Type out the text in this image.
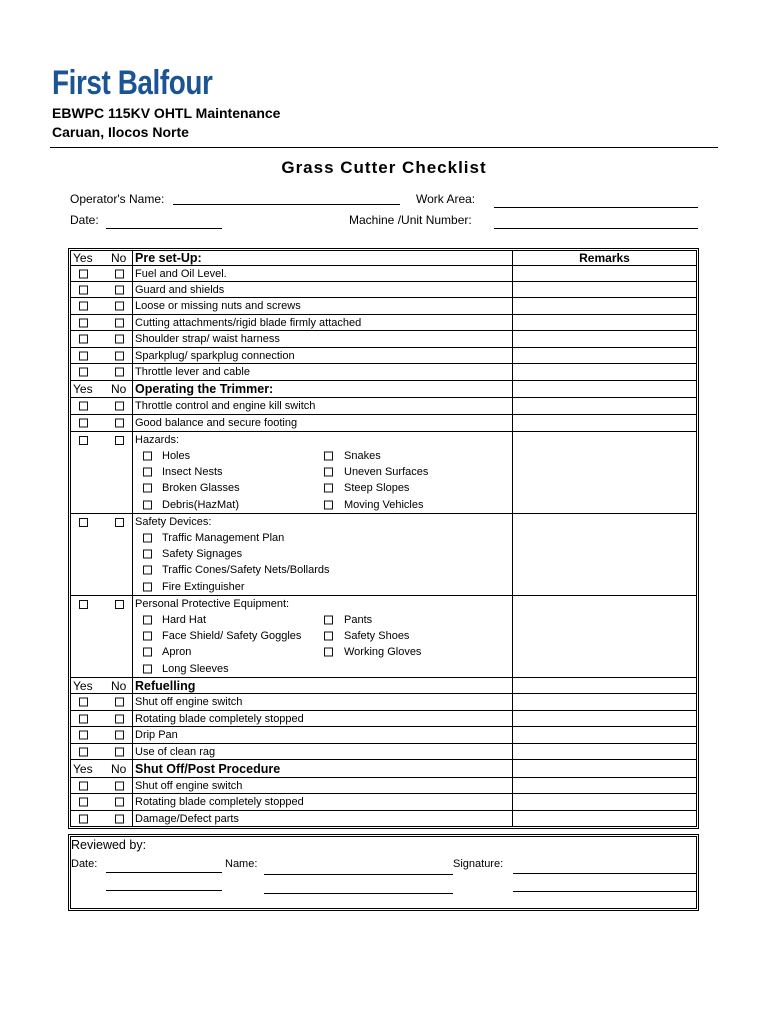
First Balfour
EBWPC 115KV OHTL Maintenance
Caruan, Ilocos Norte
Grass Cutter Checklist
Operator's Name:	Work Area:
Date:	Machine /Unit Number:
Yes No Pre set-Up:	Remarks
Fuel and Oil Level.
Guard and shields
Loose or missing nuts and screws
Cutting attachments/rigid blade firmly attached
Shoulder strap/ waist harness
Sparkplug/ sparkplug connection
Throttle lever and cable
Yes No Operating the Trimmer:
Throttle control and engine kill switch
Good balance and secure footing
Hazards:
Holes	Snakes
Insect Nests	Uneven Surfaces
Broken Glasses	Steep Slopes
Debris(HazMat)	Moving Vehicles
Safety Devices:
Traffic Management Plan
Safety Signages
Traffic Cones/Safety Nets/Bollards
Fire Extinguisher
Personal Protective Equipment:
Hard Hat	Pants
Face Shield/ Safety Goggles	Safety Shoes
Apron	Working Gloves
Long Sleeves
Yes No Refuelling
Shut off engine switch
Rotating blade completely stopped
Drip Pan
Use of clean rag
Yes No Shut Off/Post Procedure
Shut off engine switch
Rotating blade completely stopped
Damage/Defect parts
Reviewed by:
Date:	Name:	Signature:
